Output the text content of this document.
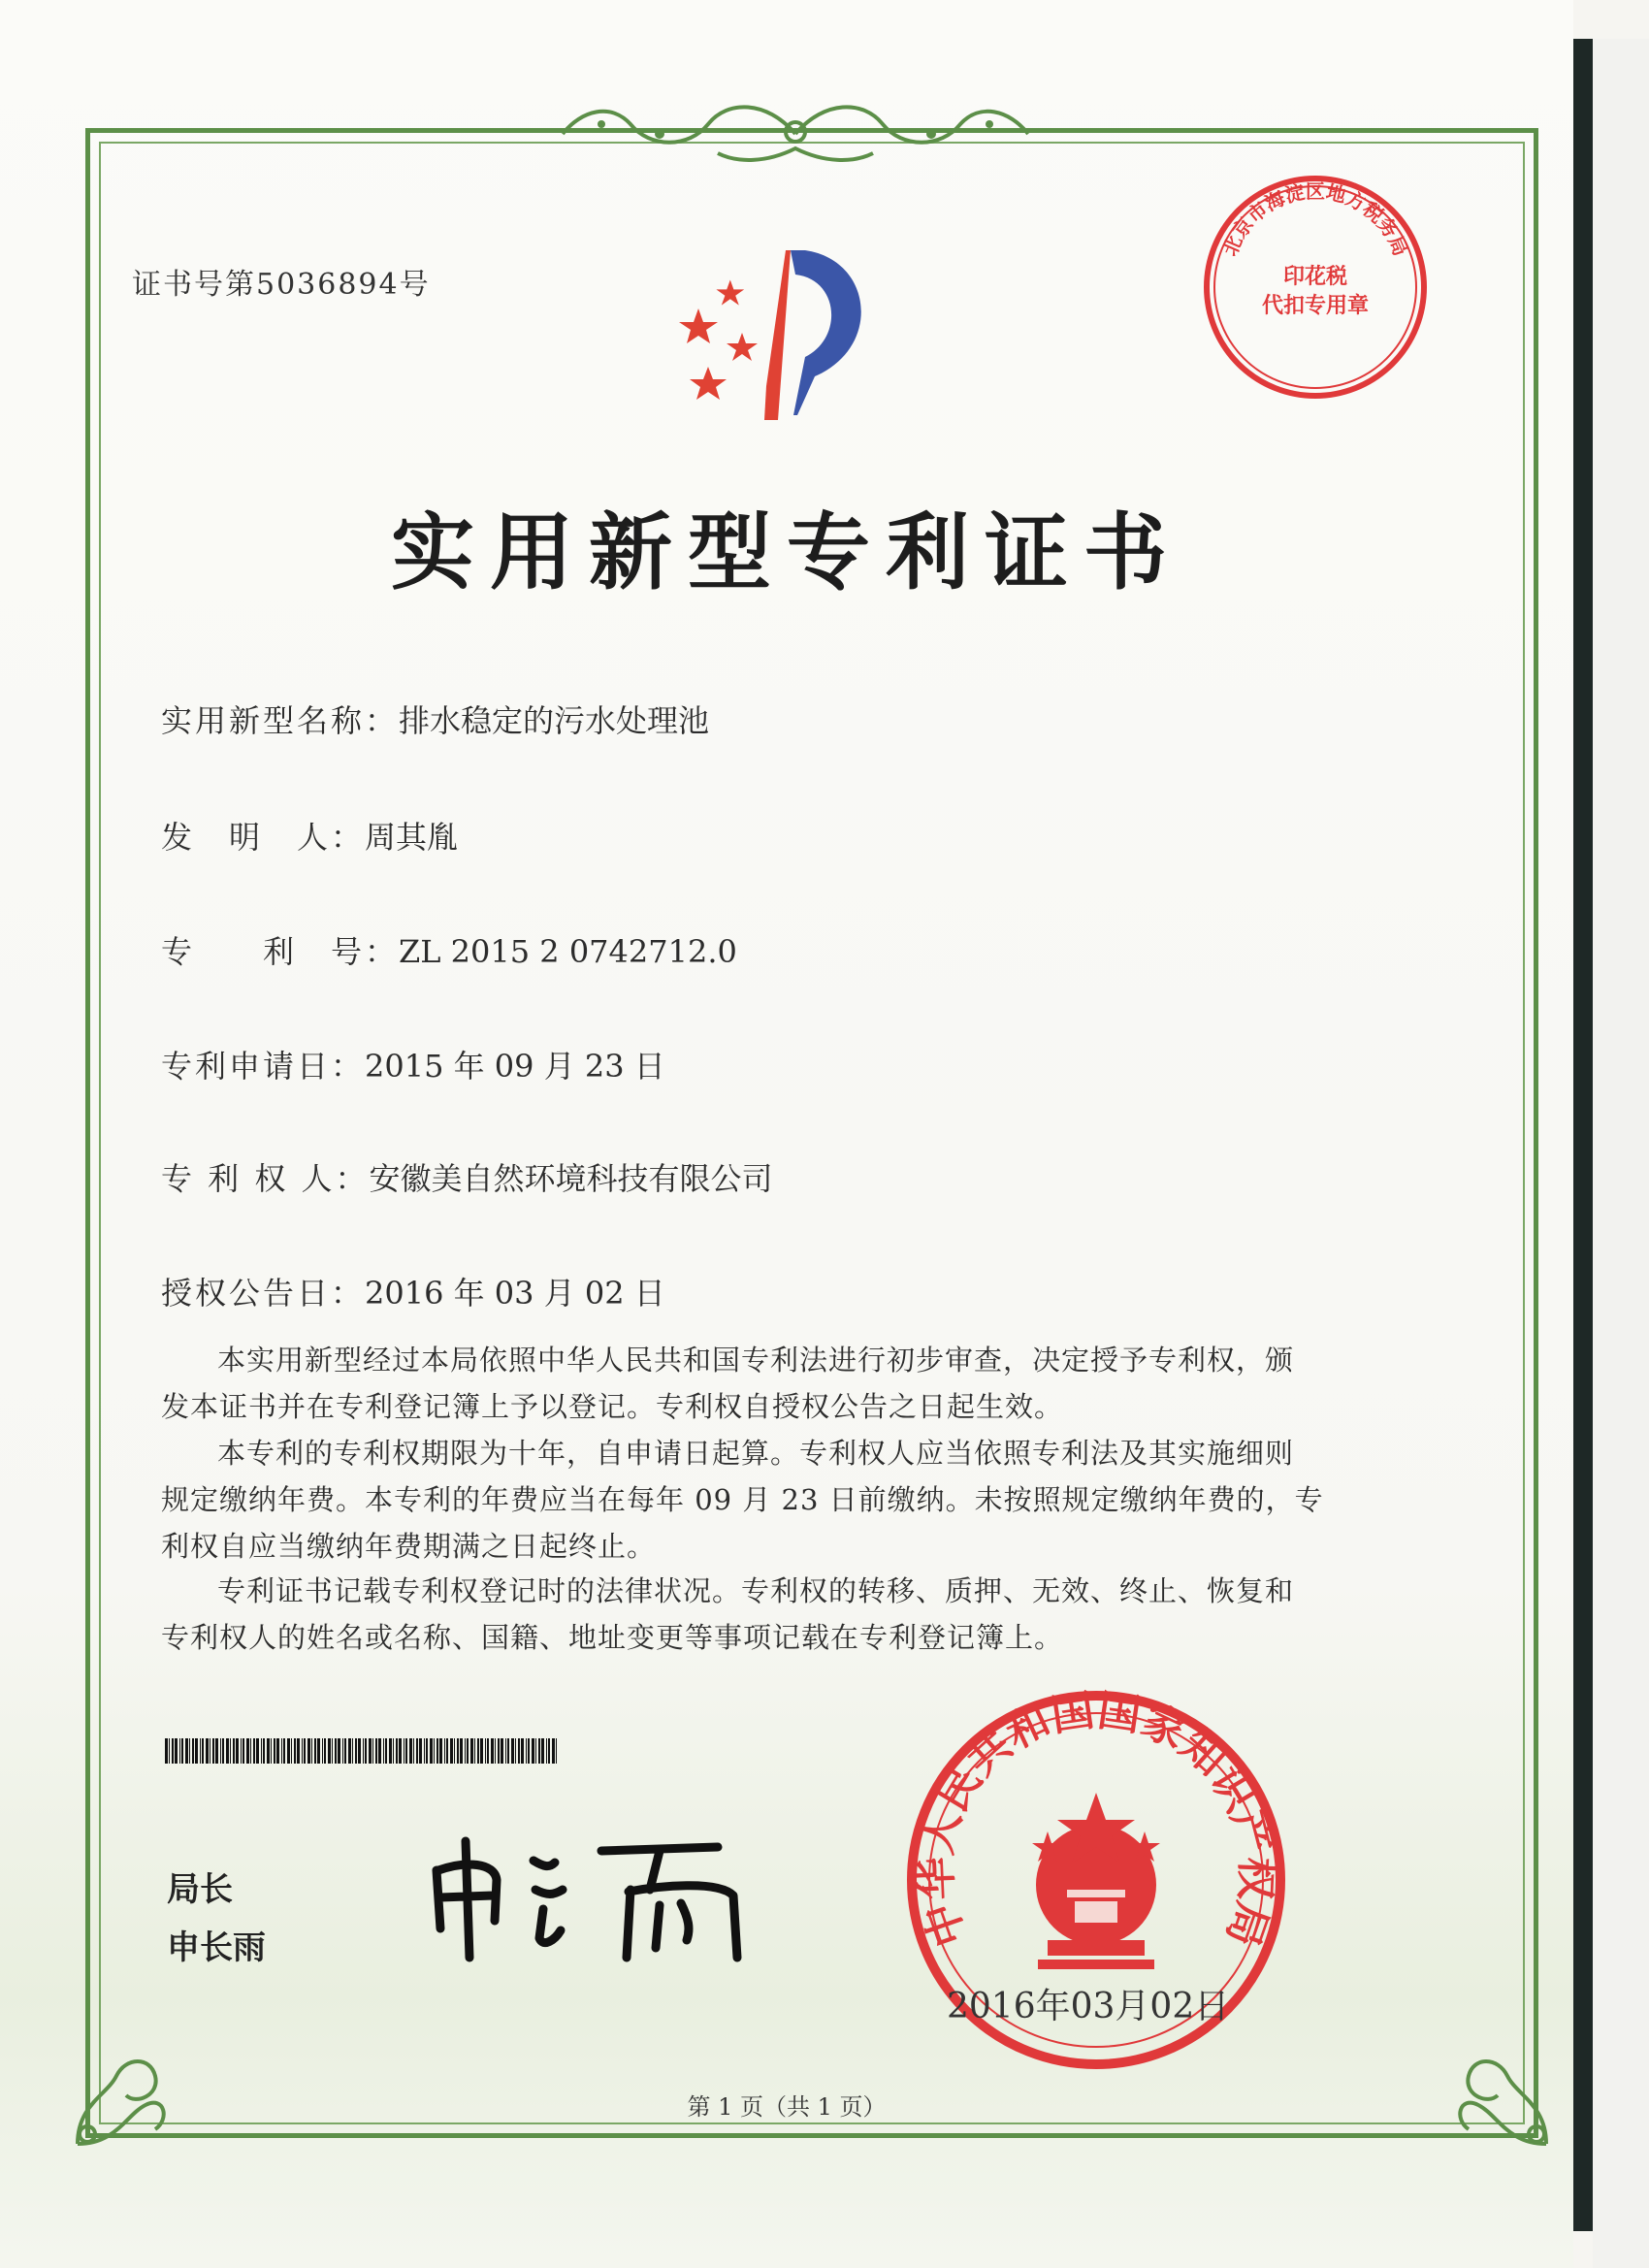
证书号第5036894号
实用新型专利证书
实用新型名称：排水稳定的污水处理池
发　明　人：周其胤
专　　利　号：ZL 2015 2 0742712.0
专利申请日：2015 年 09 月 23 日
专 利 权 人：安徽美自然环境科技有限公司
授权公告日：2016 年 03 月 02 日
本实用新型经过本局依照中华人民共和国专利法进行初步审查，决定授予专利权，颁
发本证书并在专利登记簿上予以登记。专利权自授权公告之日起生效。
本专利的专利权期限为十年，自申请日起算。专利权人应当依照专利法及其实施细则
规定缴纳年费。本专利的年费应当在每年 09 月 23 日前缴纳。未按照规定缴纳年费的，专
利权自应当缴纳年费期满之日起终止。
专利证书记载专利权登记时的法律状况。专利权的转移、质押、无效、终止、恢复和
专利权人的姓名或名称、国籍、地址变更等事项记载在专利登记簿上。
局长
申长雨
北京市海淀区地方税务局
印花税
代扣专用章
中华人民共和国国家知识产权局
2016年03月02日
第 1 页（共 1 页）
